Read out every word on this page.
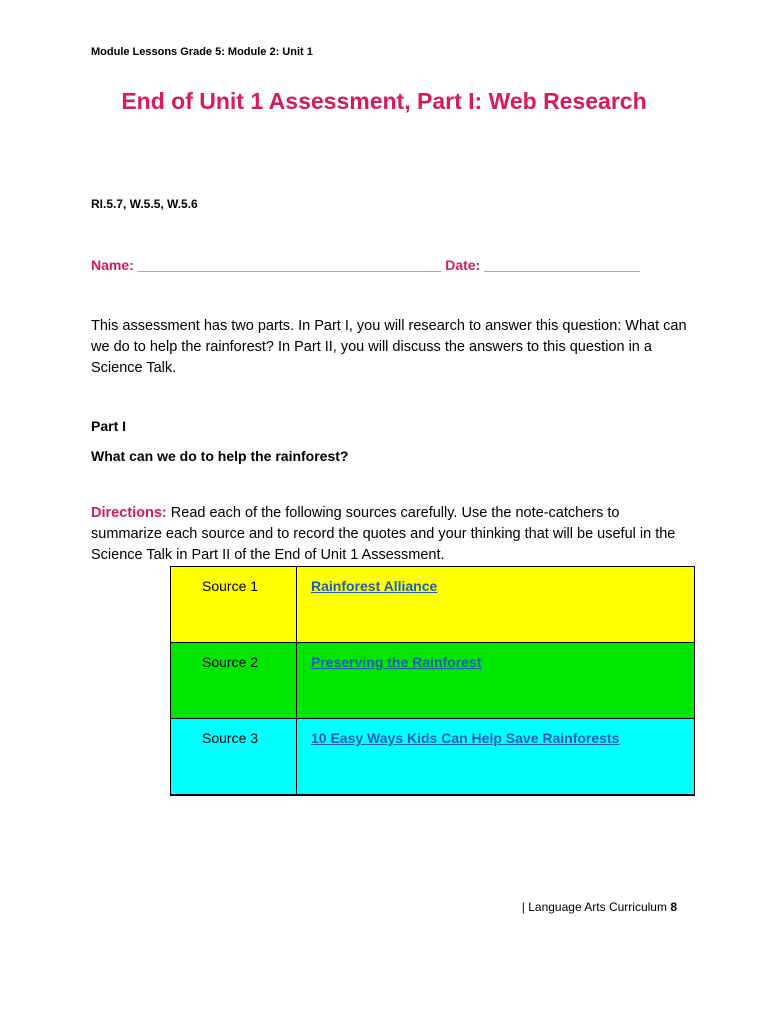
Module Lessons Grade 5: Module 2: Unit 1
End of Unit 1 Assessment, Part I: Web Research
RI.5.7, W.5.5, W.5.6
Name: _______________________________________ Date: ____________________
This assessment has two parts. In Part I, you will research to answer this question: What can we do to help the rainforest? In Part II, you will discuss the answers to this question in a Science Talk.
Part I
What can we do to help the rainforest?
Directions: Read each of the following sources carefully. Use the note-catchers to summarize each source and to record the quotes and your thinking that will be useful in the Science Talk in Part II of the End of Unit 1 Assessment.
Source 1	Rainforest Alliance
Source 2	Preserving the Rainforest
Source 3	10 Easy Ways Kids Can Help Save Rainforests
| Language Arts Curriculum 8
